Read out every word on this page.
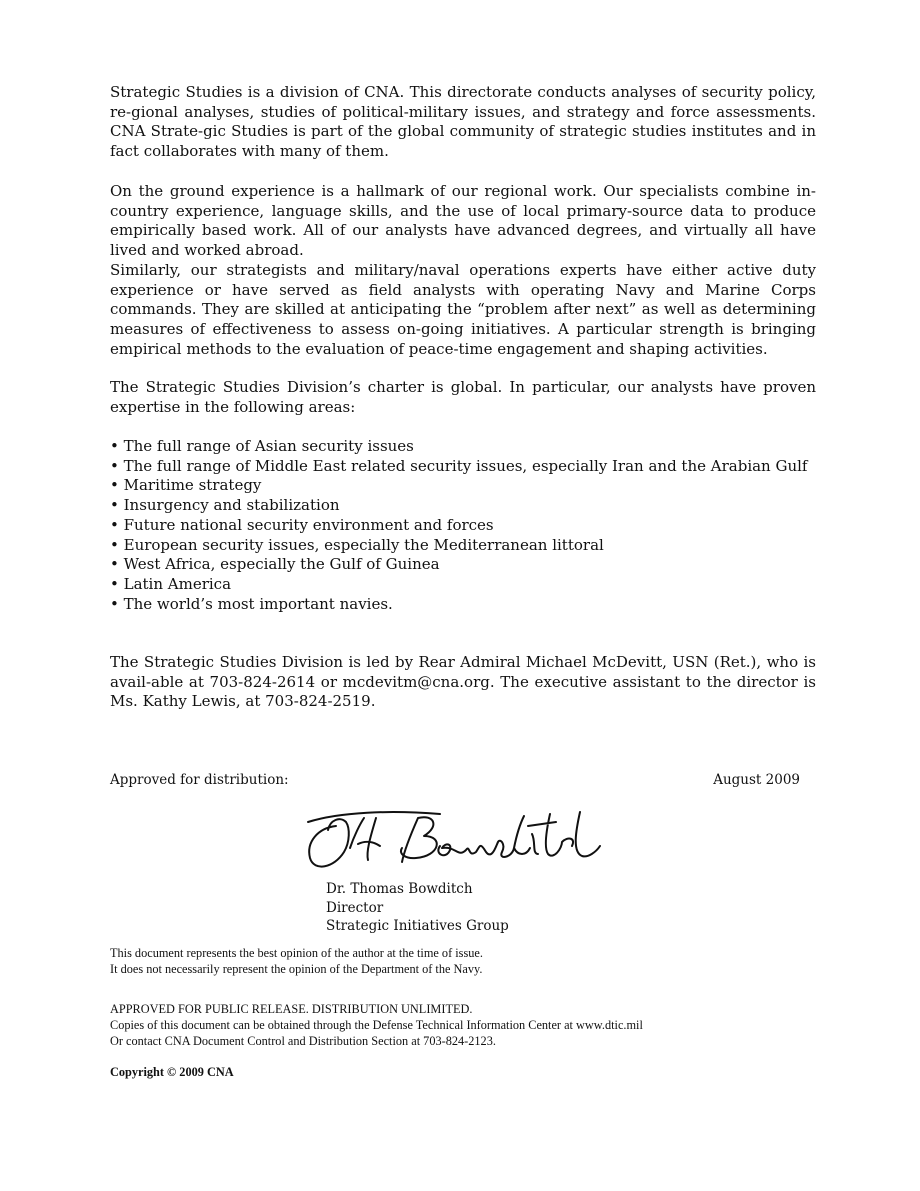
Strategic Studies is a division of CNA. This directorate conducts analyses of security policy, re-gional analyses, studies of political-military issues, and strategy and force assessments. CNA Strate-gic Studies is part of the global community of strategic studies institutes and in fact collaborates with many of them.

On the ground experience is a hallmark of our regional work. Our specialists combine in-country experience, language skills, and the use of local primary-source data to produce empirically based work. All of our analysts have advanced degrees, and virtually all have lived and worked abroad.

Similarly, our strategists and military/naval operations experts have either active duty experience or have served as field analysts with operating Navy and Marine Corps commands. They are skilled at anticipating the “problem after next” as well as determining measures of effectiveness to assess on-going initiatives. A particular strength is bringing empirical methods to the evaluation of peace-time engagement and shaping activities.

The Strategic Studies Division’s charter is global. In particular, our analysts have proven expertise in the following areas:

• The full range of Asian security issues
• The full range of Middle East related security issues, especially Iran and the Arabian Gulf
• Maritime strategy
• Insurgency and stabilization
• Future national security environment and forces
• European security issues, especially the Mediterranean littoral
• West Africa, especially the Gulf of Guinea
• Latin America
• The world’s most important navies.

The Strategic Studies Division is led by Rear Admiral Michael McDevitt, USN (Ret.), who is avail-able at 703-824-2614 or mcdevitm@cna.org. The executive assistant to the director is Ms. Kathy Lewis, at 703-824-2519.

Approved for distribution:	August 2009
Dr. Thomas Bowditch
Director
Strategic Initiatives Group
This document represents the best opinion of the author at the time of issue.
It does not necessarily represent the opinion of the Department of the Navy.
APPROVED FOR PUBLIC RELEASE. DISTRIBUTION UNLIMITED.
Copies of this document can be obtained through the Defense Technical Information Center at www.dtic.mil
Or contact CNA Document Control and Distribution Section at 703-824-2123.
Copyright © 2009 CNA
